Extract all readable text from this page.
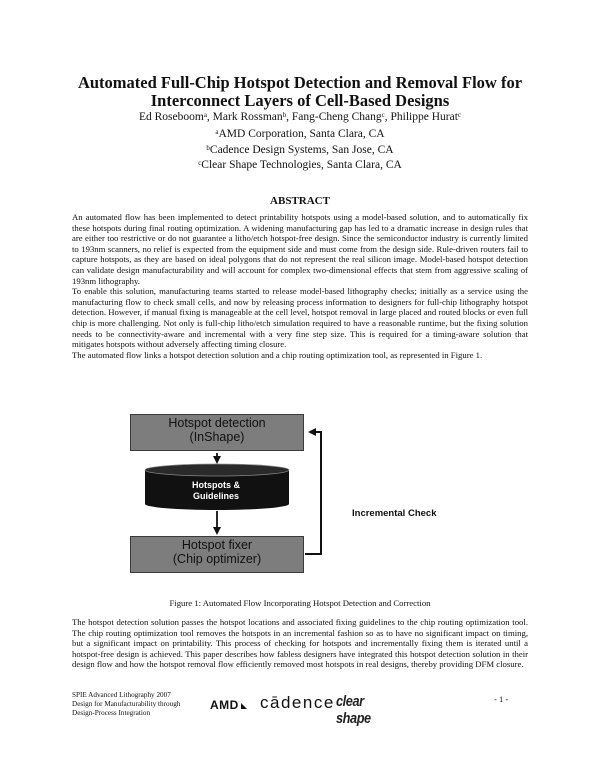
Automated Full-Chip Hotspot Detection and Removal Flow for
Interconnect Layers of Cell-Based Designs
Ed Roseboom$^a$, Mark Rossman$^b$, Fang-Cheng Chang$^c$, Philippe Hurat$^c$
$^a$AMD Corporation, Santa Clara, CA
$^b$Cadence Design Systems, San Jose, CA
$^c$Clear Shape Technologies, Santa Clara, CA
ABSTRACT

An automated flow has been implemented to detect printability hotspots using a model-based solution, and to automatically fix these hotspots during final routing optimization. A widening manufacturing gap has led to a dramatic increase in design rules that are either too restrictive or do not guarantee a litho/etch hotspot-free design. Since the semiconductor industry is currently limited to 193nm scanners, no relief is expected from the equipment side and must come from the design side. Rule-driven routers fail to capture hotspots, as they are based on ideal polygons that do not represent the real silicon image. Model-based hotspot detection can validate design manufacturability and will account for complex two-dimensional effects that stem from aggressive scaling of 193nm lithography.

To enable this solution, manufacturing teams started to release model-based lithography checks; initially as a service using the manufacturing flow to check small cells, and now by releasing process information to designers for full-chip lithography hotspot detection. However, if manual fixing is manageable at the cell level, hotspot removal in large placed and routed blocks or even full chip is more challenging. Not only is full-chip litho/etch simulation required to have a reasonable runtime, but the fixing solution needs to be connectivity-aware and incremental with a very fine step size. This is required for a timing-aware solution that mitigates hotspots without adversely affecting timing closure.

The automated flow links a hotspot detection solution and a chip routing optimization tool, as represented in Figure 1.

Hotspot detection
(InShape)
Hotspots &
Guidelines
Hotspot fixer
(Chip optimizer)
Incremental Check
Figure 1: Automated Flow Incorporating Hotspot Detection and Correction

The hotspot detection solution passes the hotspot locations and associated fixing guidelines to the chip routing optimization tool. The chip routing optimization tool removes the hotspots in an incremental fashion so as to have no significant impact on timing, but a significant impact on printability. This process of checking for hotspots and incrementally fixing them is iterated until a hotspot-free design is achieved. This paper describes how fabless designers have integrated this hotspot detection solution in their design flow and how the hotspot removal flow efficiently removed most hotspots in real designs, thereby providing DFM closure.

SPIE Advanced Lithography 2007
Design for Manufacturability through
Design-Process Integration
AMD	cādence clear shape
- 1 -
